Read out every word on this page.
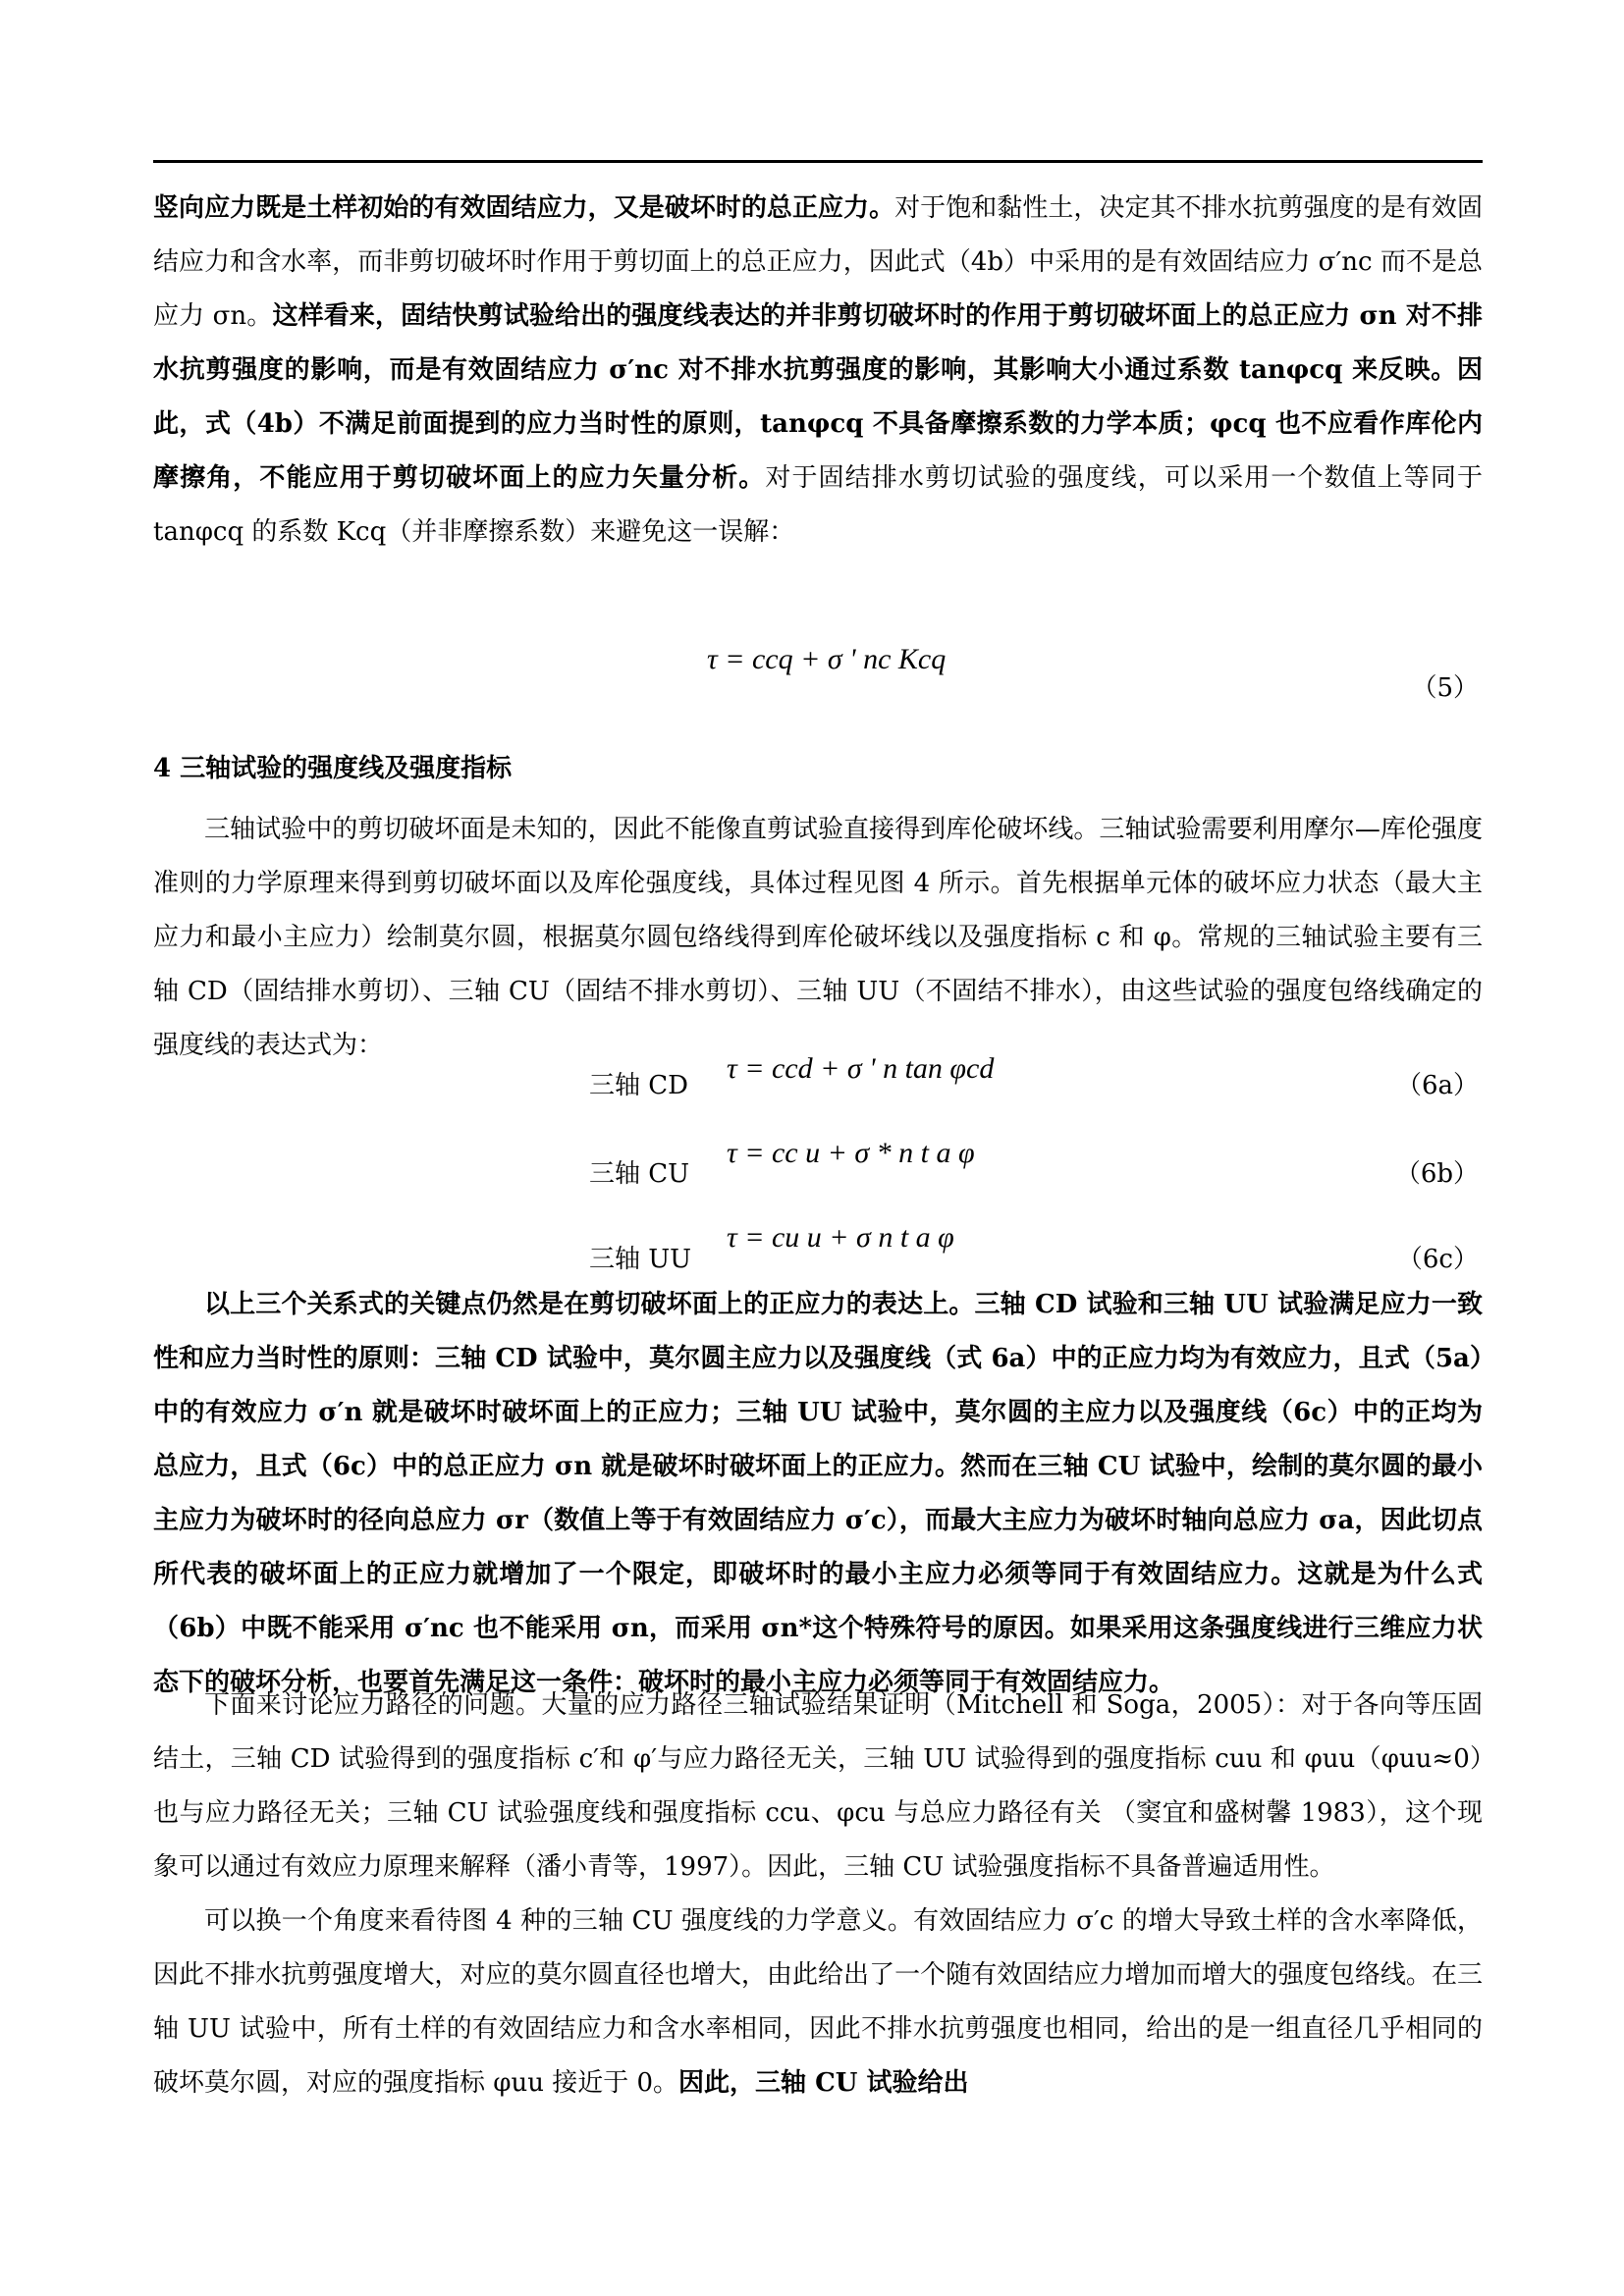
竖向应力既是土样初始的有效固结应力，又是破坏时的总正应力。对于饱和黏性土，决定其不排水抗剪强度的是有效固结应力和含水率，而非剪切破坏时作用于剪切面上的总正应力，因此式（4b）中采用的是有效固结应力 σ′nc 而不是总应力 σn。这样看来，固结快剪试验给出的强度线表达的并非剪切破坏时的作用于剪切破坏面上的总正应力 σn 对不排水抗剪强度的影响，而是有效固结应力 σ′nc 对不排水抗剪强度的影响，其影响大小通过系数 tanφcq 来反映。因此，式（4b）不满足前面提到的应力当时性的原则，tanφcq 不具备摩擦系数的力学本质；φcq 也不应看作库伦内摩擦角，不能应用于剪切破坏面上的应力矢量分析。对于固结排水剪切试验的强度线，可以采用一个数值上等同于 tanφcq 的系数 Kcq（并非摩擦系数）来避免这一误解：

τ = ccq + σ ' nc Kcq
（5）

4 三轴试验的强度线及强度指标

三轴试验中的剪切破坏面是未知的，因此不能像直剪试验直接得到库伦破坏线。三轴试验需要利用摩尔—库伦强度准则的力学原理来得到剪切破坏面以及库伦强度线，具体过程见图 4 所示。首先根据单元体的破坏应力状态（最大主应力和最小主应力）绘制莫尔圆，根据莫尔圆包络线得到库伦破坏线以及强度指标 c 和 φ。常规的三轴试验主要有三轴 CD（固结排水剪切）、三轴 CU（固结不排水剪切）、三轴 UU（不固结不排水），由这些试验的强度包络线确定的强度线的表达式为：

三轴 CD
τ = ccd + σ ' n tan φcd
（6a）
三轴 CU
τ = cc u + σ * n t a φ
（6b）
三轴 UU
τ = cu u + σ n t a φ
（6c）

以上三个关系式的关键点仍然是在剪切破坏面上的正应力的表达上。三轴 CD 试验和三轴 UU 试验满足应力一致性和应力当时性的原则：三轴 CD 试验中，莫尔圆主应力以及强度线（式 6a）中的正应力均为有效应力，且式（5a）中的有效应力 σ′n 就是破坏时破坏面上的正应力；三轴 UU 试验中，莫尔圆的主应力以及强度线（6c）中的正均为总应力，且式（6c）中的总正应力 σn 就是破坏时破坏面上的正应力。然而在三轴 CU 试验中，绘制的莫尔圆的最小主应力为破坏时的径向总应力 σr（数值上等于有效固结应力 σ′c），而最大主应力为破坏时轴向总应力 σa，因此切点所代表的破坏面上的正应力就增加了一个限定，即破坏时的最小主应力必须等同于有效固结应力。这就是为什么式（6b）中既不能采用 σ′nc 也不能采用 σn，而采用 σn*这个特殊符号的原因。如果采用这条强度线进行三维应力状态下的破坏分析，也要首先满足这一条件：破坏时的最小主应力必须等同于有效固结应力。

下面来讨论应力路径的问题。大量的应力路径三轴试验结果证明（Mitchell 和 Soga，2005）：对于各向等压固结土，三轴 CD 试验得到的强度指标 c′和 φ′与应力路径无关，三轴 UU 试验得到的强度指标 cuu 和 φuu（φuu≈0）也与应力路径无关；三轴 CU 试验强度线和强度指标 ccu、φcu 与总应力路径有关 （窦宜和盛树馨 1983），这个现象可以通过有效应力原理来解释（潘小青等，1997）。因此，三轴 CU 试验强度指标不具备普遍适用性。

可以换一个角度来看待图 4 种的三轴 CU 强度线的力学意义。有效固结应力 σ′c 的增大导致土样的含水率降低，因此不排水抗剪强度增大，对应的莫尔圆直径也增大，由此给出了一个随有效固结应力增加而增大的强度包络线。在三轴 UU 试验中，所有土样的有效固结应力和含水率相同，因此不排水抗剪强度也相同，给出的是一组直径几乎相同的破坏莫尔圆，对应的强度指标 φuu 接近于 0。因此，三轴 CU 试验给出
